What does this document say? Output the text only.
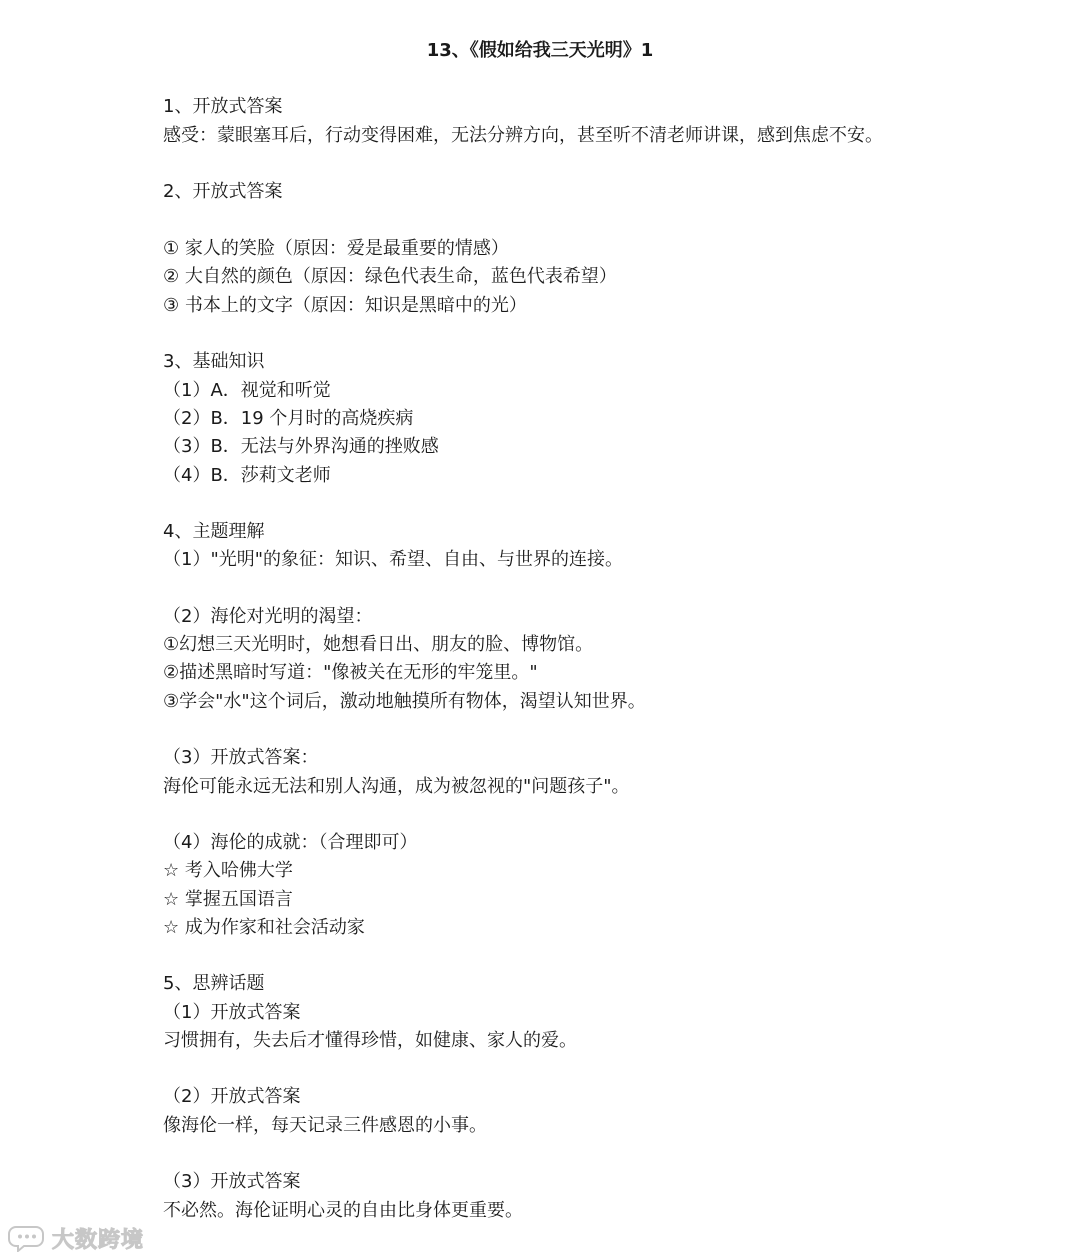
13、《假如给我三天光明》1
1、开放式答案
感受：蒙眼塞耳后，行动变得困难，无法分辨方向，甚至听不清老师讲课，感到焦虑不安。
2、开放式答案
① 家人的笑脸（原因：爱是最重要的情感）
② 大自然的颜色（原因：绿色代表生命，蓝色代表希望）
③ 书本上的文字（原因：知识是黑暗中的光）
3、基础知识
（1）A．视觉和听觉
（2）B．19 个月时的高烧疾病
（3）B．无法与外界沟通的挫败感
（4）B．莎莉文老师
4、主题理解
（1）"光明"的象征：知识、希望、自由、与世界的连接。
（2）海伦对光明的渴望：
①幻想三天光明时，她想看日出、朋友的脸、博物馆。
②描述黑暗时写道："像被关在无形的牢笼里。"
③学会"水"这个词后，激动地触摸所有物体，渴望认知世界。
（3）开放式答案：
海伦可能永远无法和别人沟通，成为被忽视的"问题孩子"。
（4）海伦的成就：（合理即可）
☆ 考入哈佛大学
☆ 掌握五国语言
☆ 成为作家和社会活动家
5、思辨话题
（1）开放式答案
习惯拥有，失去后才懂得珍惜，如健康、家人的爱。
（2）开放式答案
像海伦一样，每天记录三件感恩的小事。
（3）开放式答案
不必然。海伦证明心灵的自由比身体更重要。
大数跨境
